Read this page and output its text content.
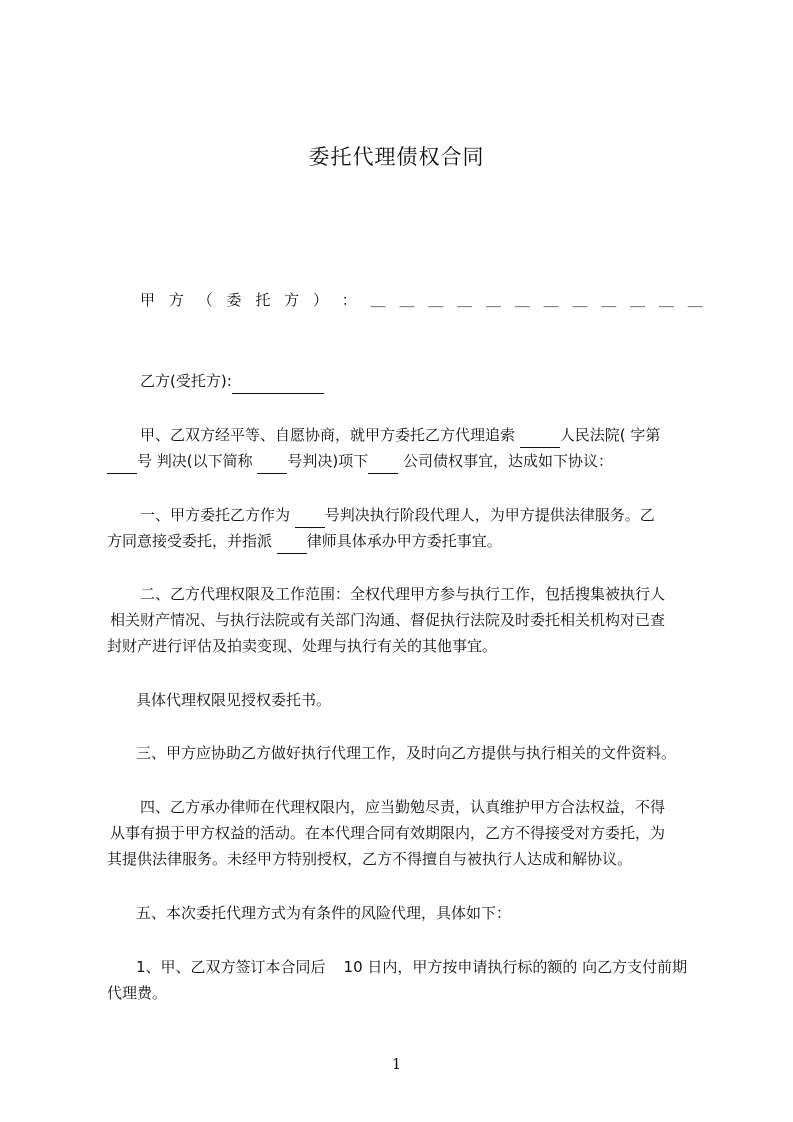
委托代理债权合同
甲 方 （ 委 托 方 ） ： ＿ ＿ ＿ ＿ ＿ ＿ ＿ ＿ ＿ ＿ ＿ ＿
乙方(受托方):
甲、乙双方经平等、自愿协商，就甲方委托乙方代理追索	人民法院( 字第
号 判决(以下简称 号判决)项下 公司债权事宜，达成如下协议：
一、甲方委托乙方作为 号判决执行阶段代理人，为甲方提供法律服务。乙
方同意接受委托，并指派 律师具体承办甲方委托事宜。
二、乙方代理权限及工作范围：全权代理甲方参与执行工作，包括搜集被执行人
相关财产情况、与执行法院或有关部门沟通、督促执行法院及时委托相关机构对已查
封财产进行评估及拍卖变现、处理与执行有关的其他事宜。
具体代理权限见授权委托书。
三、甲方应协助乙方做好执行代理工作，及时向乙方提供与执行相关的文件资料。
四、乙方承办律师在代理权限内，应当勤勉尽责，认真维护甲方合法权益，不得
从事有损于甲方权益的活动。在本代理合同有效期限内，乙方不得接受对方委托，为
其提供法律服务。未经甲方特别授权，乙方不得擅自与被执行人达成和解协议。
五、本次委托代理方式为有条件的风险代理，具体如下：
1、甲、乙双方签订本合同后 10 日内，甲方按申请执行标的额的 向乙方支付前期
代理费。
1
